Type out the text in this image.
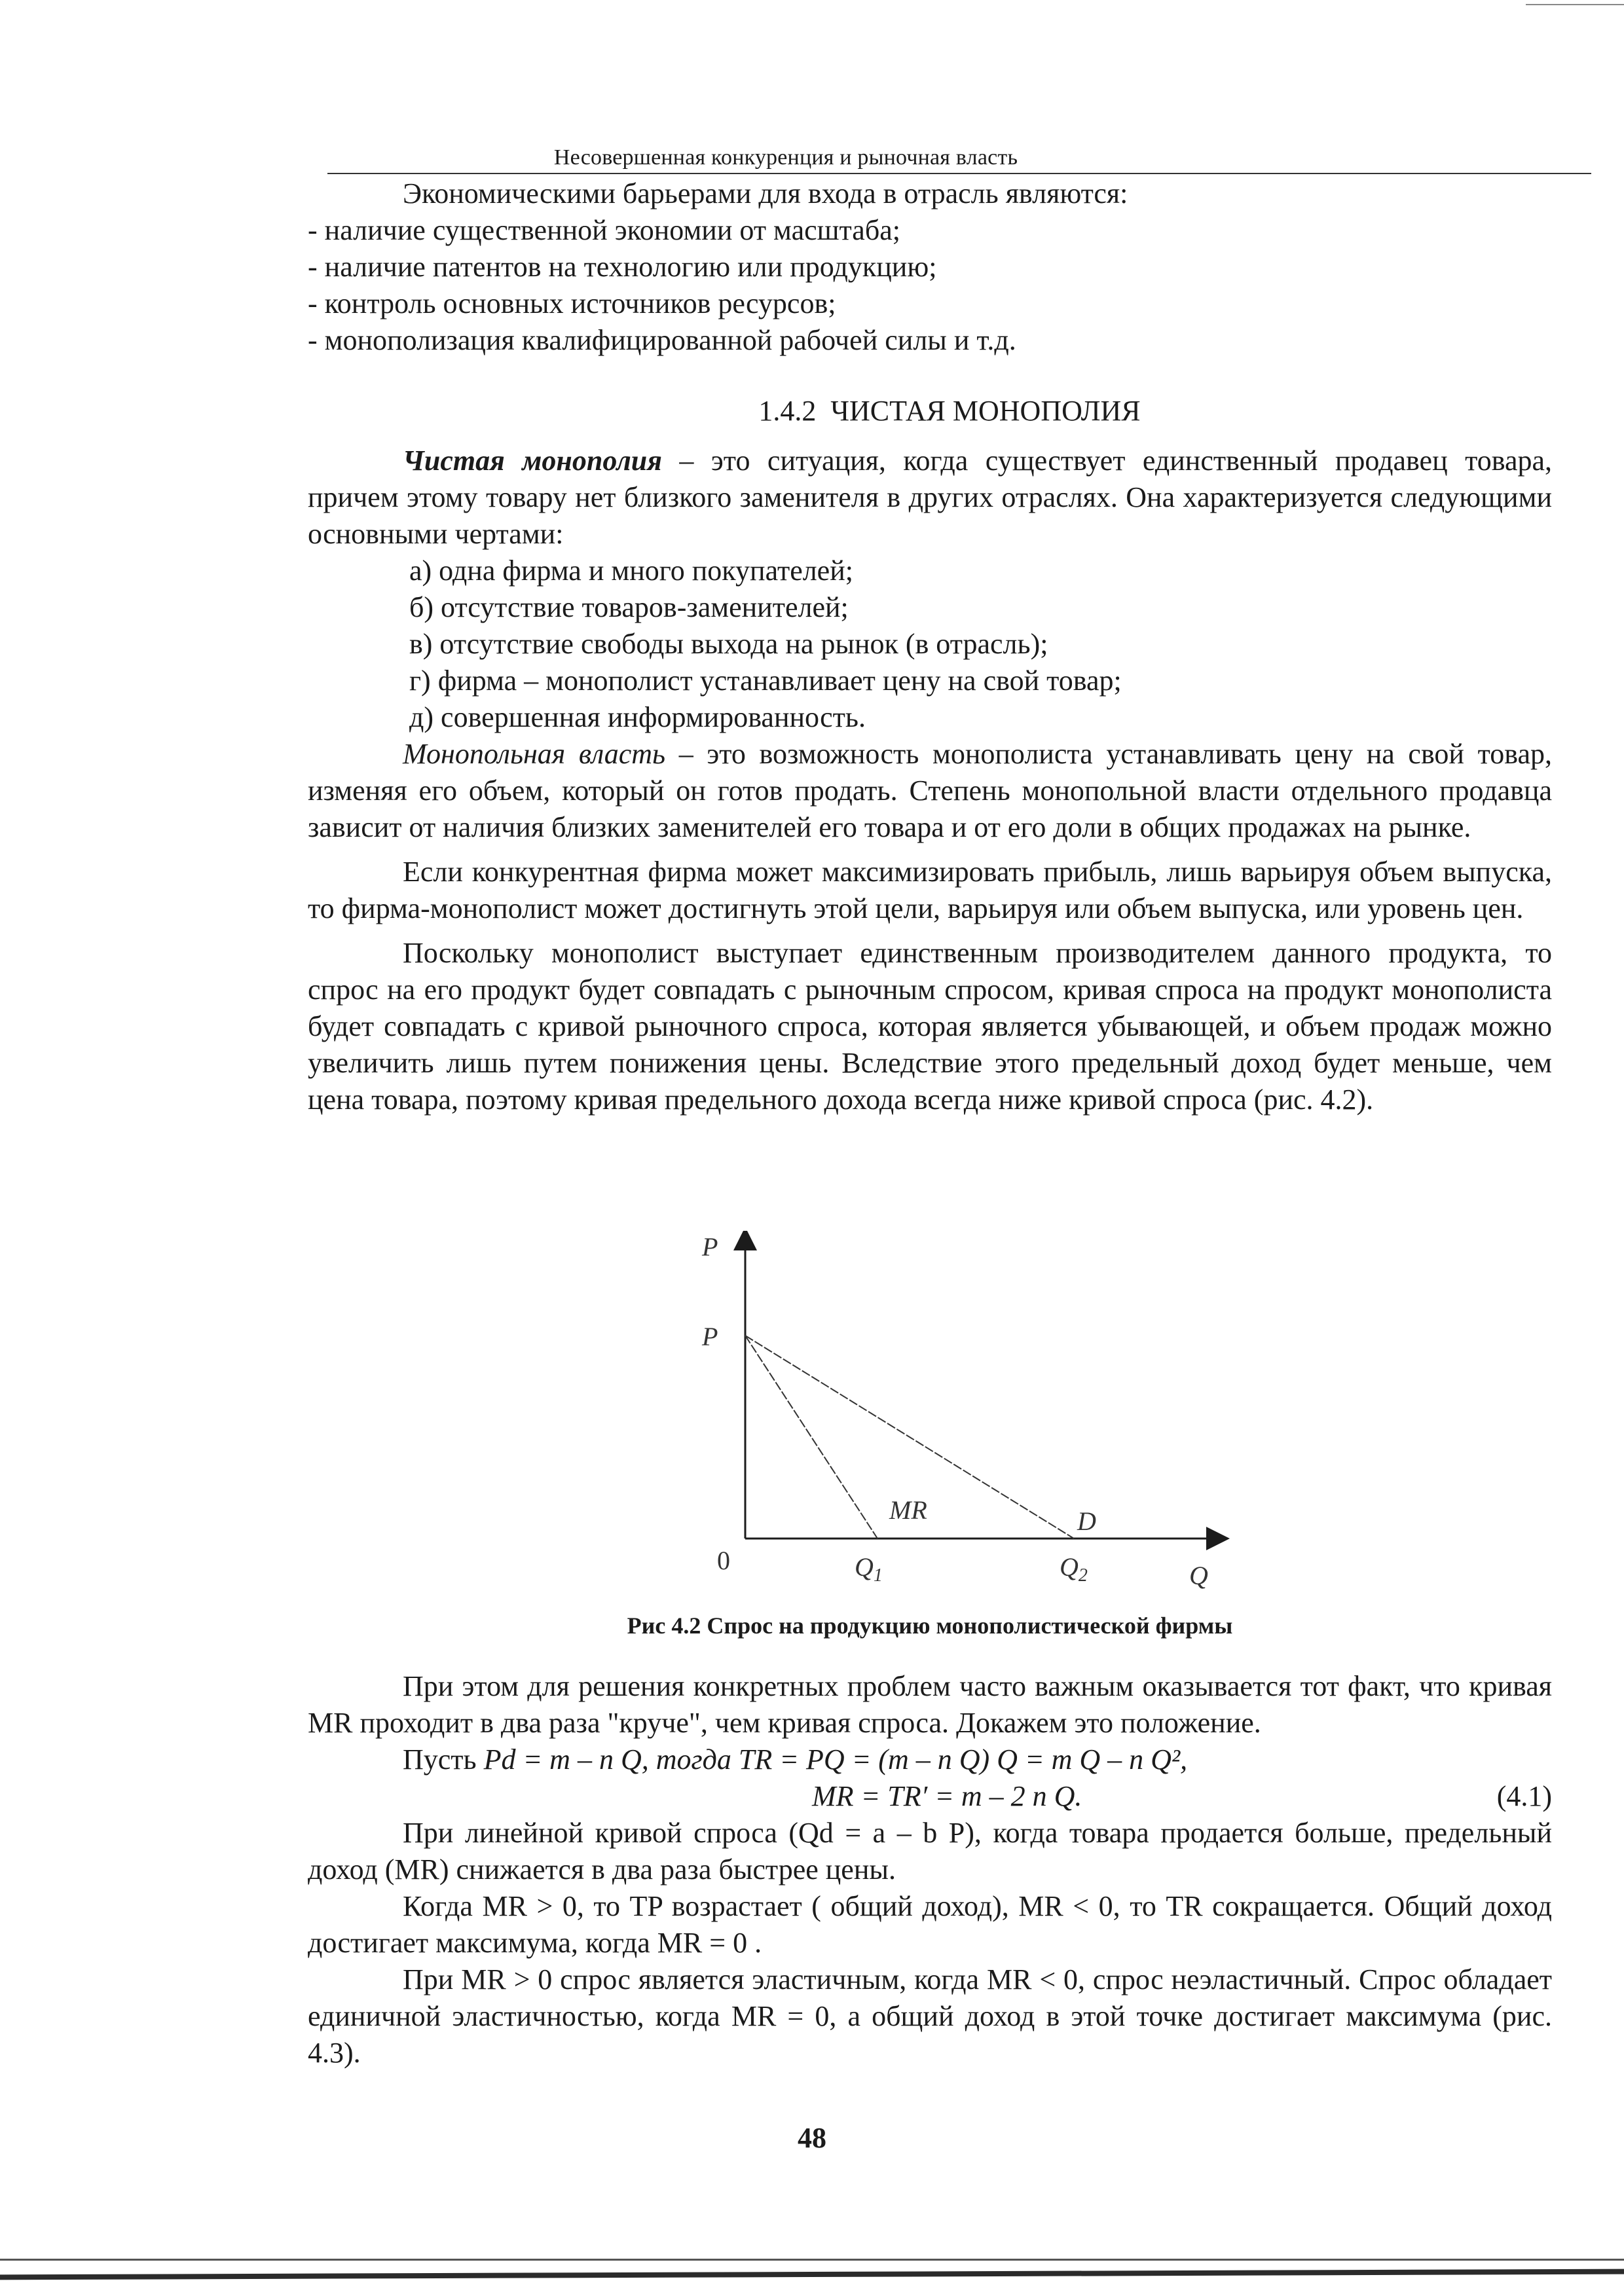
Несовершенная конкуренция и рыночная власть

Экономическими барьерами для входа в отрасль являются:

- наличие существенной экономии от масштаба;
- наличие патентов на технологию или продукцию;
- контроль основных источников ресурсов;
- монополизация квалифицированной рабочей силы и т.д.
1.4.2 ЧИСТАЯ МОНОПОЛИЯ

Чистая монополия – это ситуация, когда существует единственный продавец товара, причем этому товару нет близкого заменителя в других отраслях. Она характеризуется следующими основными чертами:

а) одна фирма и много покупателей;
б) отсутствие товаров-заменителей;
в) отсутствие свободы выхода на рынок (в отрасль);
г) фирма – монополист устанавливает цену на свой товар;
д) совершенная информированность.

Монопольная власть – это возможность монополиста устанавливать цену на свой товар, изменяя его объем, который он готов продать. Степень монопольной власти отдельного продавца зависит от наличия близких заменителей его товара и от его доли в общих продажах на рынке.

Если конкурентная фирма может максимизировать прибыль, лишь варьируя объем выпуска, то фирма-монополист может достигнуть этой цели, варьируя или объем выпуска, или уровень цен.

Поскольку монополист выступает единственным производителем данного продукта, то спрос на его продукт будет совпадать с рыночным спросом, кривая спроса на продукт монополиста будет совпадать с кривой рыночного спроса, которая является убывающей, и объем продаж можно увеличить лишь путем понижения цены. Вследствие этого предельный доход будет меньше, чем цена товара, поэтому кривая предельного дохода всегда ниже кривой спроса (рис. 4.2).

P
P
0
MR	D
$Q_1$	$Q_2$	Q
Рис 4.2 Спрос на продукцию монополистической фирмы

При этом для решения конкретных проблем часто важным оказывается тот факт, что кривая MR проходит в два раза "круче", чем кривая спроса. Докажем это положение.

Пусть Pd = m – n Q, тогда TR = PQ = (m – n Q) Q = m Q – n Q²,

MR = TR′ = m – 2 n Q.	(4.1)

При линейной кривой спроса (Qd = a – b P), когда товара продается больше, предельный доход (MR) снижается в два раза быстрее цены.

Когда MR > 0, то TP возрастает ( общий доход), MR < 0, то TR сокращается. Общий доход достигает максимума, когда MR = 0 .

При MR > 0 спрос является эластичным, когда MR < 0, спрос неэластичный. Спрос обладает единичной эластичностью, когда MR = 0, а общий доход в этой точке достигает максимума (рис. 4.3).

48
